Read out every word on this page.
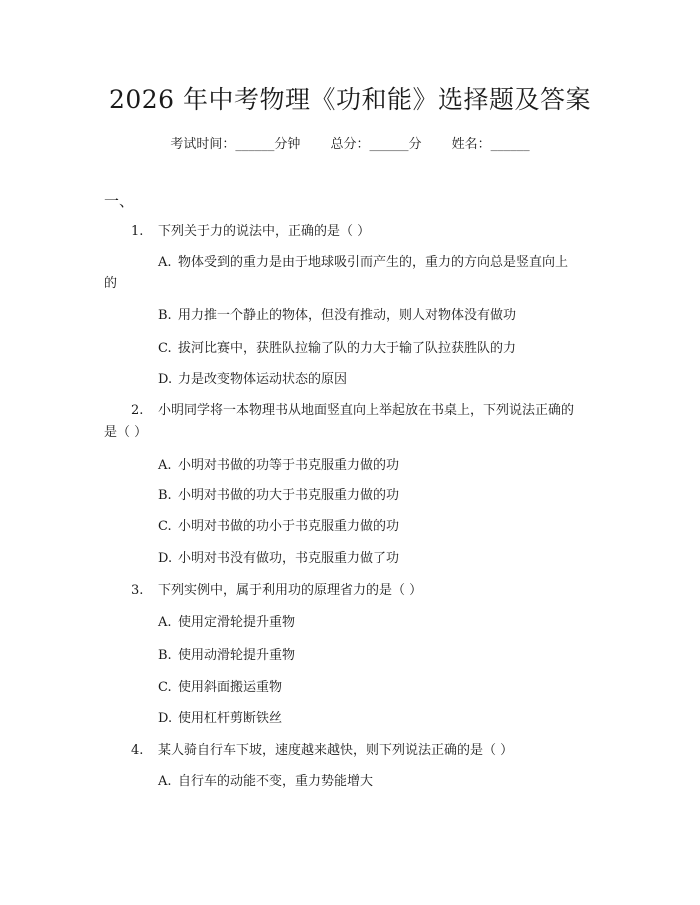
2026 年中考物理《功和能》选择题及答案
考试时间：______分钟 总分：______分 姓名：______
一、
1. 下列关于力的说法中，正确的是（ ）
A. 物体受到的重力是由于地球吸引而产生的，重力的方向总是竖直向上
的
B. 用力推一个静止的物体，但没有推动，则人对物体没有做功
C. 拔河比赛中，获胜队拉输了队的力大于输了队拉获胜队的力
D. 力是改变物体运动状态的原因
2. 小明同学将一本物理书从地面竖直向上举起放在书桌上，下列说法正确的
是（ ）
A. 小明对书做的功等于书克服重力做的功
B. 小明对书做的功大于书克服重力做的功
C. 小明对书做的功小于书克服重力做的功
D. 小明对书没有做功，书克服重力做了功
3. 下列实例中，属于利用功的原理省力的是（ ）
A. 使用定滑轮提升重物
B. 使用动滑轮提升重物
C. 使用斜面搬运重物
D. 使用杠杆剪断铁丝
4. 某人骑自行车下坡，速度越来越快，则下列说法正确的是（ ）
A. 自行车的动能不变，重力势能增大
